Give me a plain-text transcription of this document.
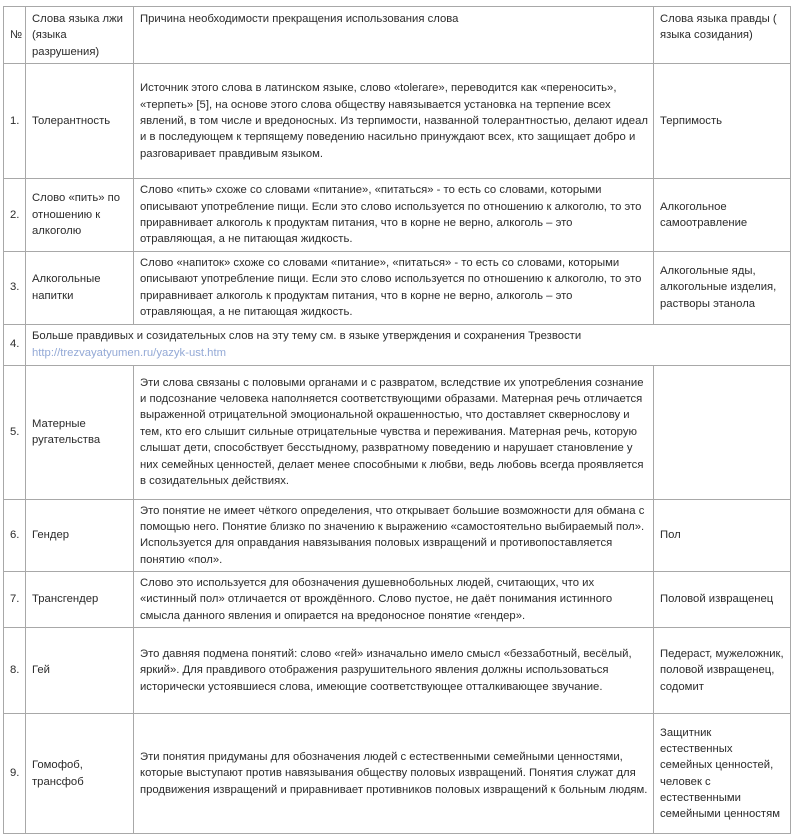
№	Слова языка лжи (языка разрушения)	Причина необходимости прекращения использования слова	Слова языка правды ( языка созидания)
1.	Толерантность	Источник этого слова в латинском языке, слово «tolerare», переводится как «переносить», «терпеть» [5], на основе этого слова обществу навязывается установка на терпение всех явлений, в том числе и вредоносных. Из терпимости, названной толерантностью, делают идеал и в последующем к терпящему поведению насильно принуждают всех, кто защищает добро и разговаривает правдивым языком.	Терпимость
2.	Слово «пить» по отношению к алкоголю	Слово «пить» схоже со словами «питание», «питаться» - то есть со словами, которыми описывают употребление пищи. Если это слово используется по отношению к алкоголю, то это приравнивает алкоголь к продуктам питания, что в корне не верно, алкоголь – это отравляющая, а не питающая жидкость.	Алкогольное самоотравление
3.	Алкогольные напитки	Слово «напиток» схоже со словами «питание», «питаться» - то есть со словами, которыми описывают употребление пищи. Если это слово используется по отношению к алкоголю, то это приравнивает алкоголь к продуктам питания, что в корне не верно, алкоголь – это отравляющая, а не питающая жидкость.	Алкогольные яды, алкогольные изделия, растворы этанола
4.	Больше правдивых и созидательных слов на эту тему см. в языке утверждения и сохранения Трезвости
http://trezvayatyumen.ru/yazyk-ust.htm		

5.	Матерные ругательства	Эти слова связаны с половыми органами и с развратом, вследствие их употребления сознание и подсознание человека наполняется соответствующими образами. Матерная речь отличается выраженной отрицательной эмоциональной окрашенностью, что доставляет сквернослову и тем, кто его слышит сильные отрицательные чувства и переживания. Матерная речь, которую слышат дети, способствует бесстыдному, развратному поведению и нарушает становление у них семейных ценностей, делает менее способными к любви, ведь любовь всегда проявляется в созидательных действиях.	
6.	Гендер	Это понятие не имеет чёткого определения, что открывает большие возможности для обмана с помощью него. Понятие близко по значению к выражению «самостоятельно выбираемый пол». Используется для оправдания навязывания половых извращений и противопоставляется понятию «пол».	Пол
7.	Трансгендер	Слово это используется для обозначения душевнобольных людей, считающих, что их «истинный пол» отличается от врождённого. Слово пустое, не даёт понимания истинного смысла данного явления и опирается на вредоносное понятие «гендер».	Половой извращенец
8.	Гей	Это давняя подмена понятий: слово «гей» изначально имело смысл «беззаботный, весёлый, яркий». Для правдивого отображения разрушительного явления должны использоваться исторически устоявшиеся слова, имеющие соответствующее отталкивающее звучание.	Педераст, мужеложник, половой извращенец, содомит
9.	Гомофоб, трансфоб	Эти понятия придуманы для обозначения людей с естественными семейными ценностями, которые выступают против навязывания обществу половых извращений. Понятия служат для продвижения извращений и приравнивает противников половых извращений к больным людям.	Защитник естественных семейных ценностей, человек с естественными семейными ценностям
